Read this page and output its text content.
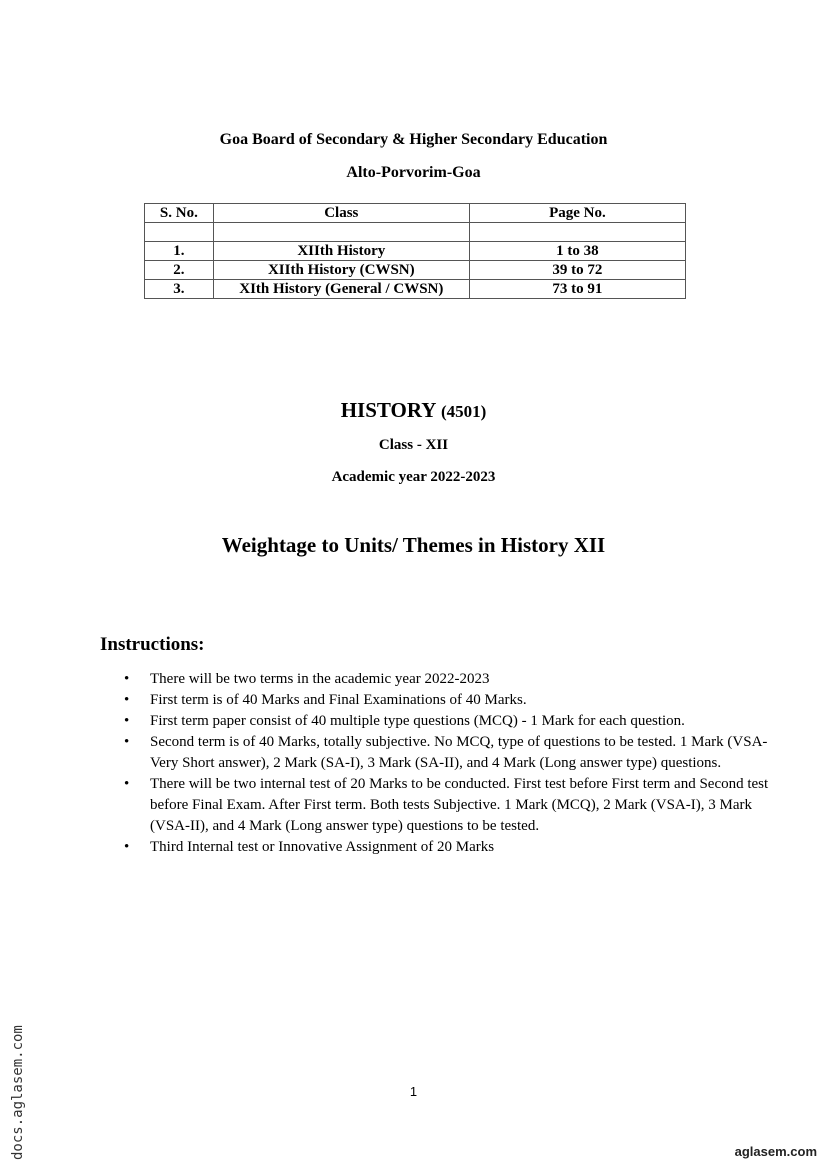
Goa Board of Secondary & Higher Secondary Education
Alto-Porvorim-Goa
S. No.	Class	Page No.

1.	XIIth History	1 to 38
2.	XIIth History (CWSN)	39 to 72
3.	XIth History (General / CWSN)	73 to 91
HISTORY (4501)
Class - XII
Academic year 2022-2023
Weightage to Units/ Themes in History XII
Instructions:
• There will be two terms in the academic year 2022-2023
• First term is of 40 Marks and Final Examinations of 40 Marks.
• First term paper consist of 40 multiple type questions (MCQ) - 1 Mark for each question.
• Second term is of 40 Marks, totally subjective. No MCQ, type of questions to be tested. 1 Mark (VSA-Very Short answer), 2 Mark (SA-I), 3 Mark (SA-II), and 4 Mark (Long answer type) questions.
• There will be two internal test of 20 Marks to be conducted. First test before First term and Second test before Final Exam. After First term. Both tests Subjective. 1 Mark (MCQ), 2 Mark (VSA-I), 3 Mark (VSA-II), and 4 Mark (Long answer type) questions to be tested.
• Third Internal test or Innovative Assignment of 20 Marks
1
docs.aglasem.com	aglasem.com
